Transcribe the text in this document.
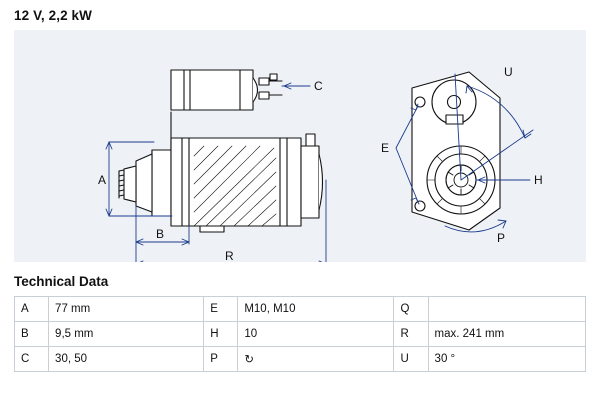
12 V, 2,2 kW
A
B
R
C
U
P
E
H
Technical Data
A	77 mm	E	M10, M10	Q	
B	9,5 mm	H	10	R	max. 241 mm
C	30, 50	P	↻	U	30 °
